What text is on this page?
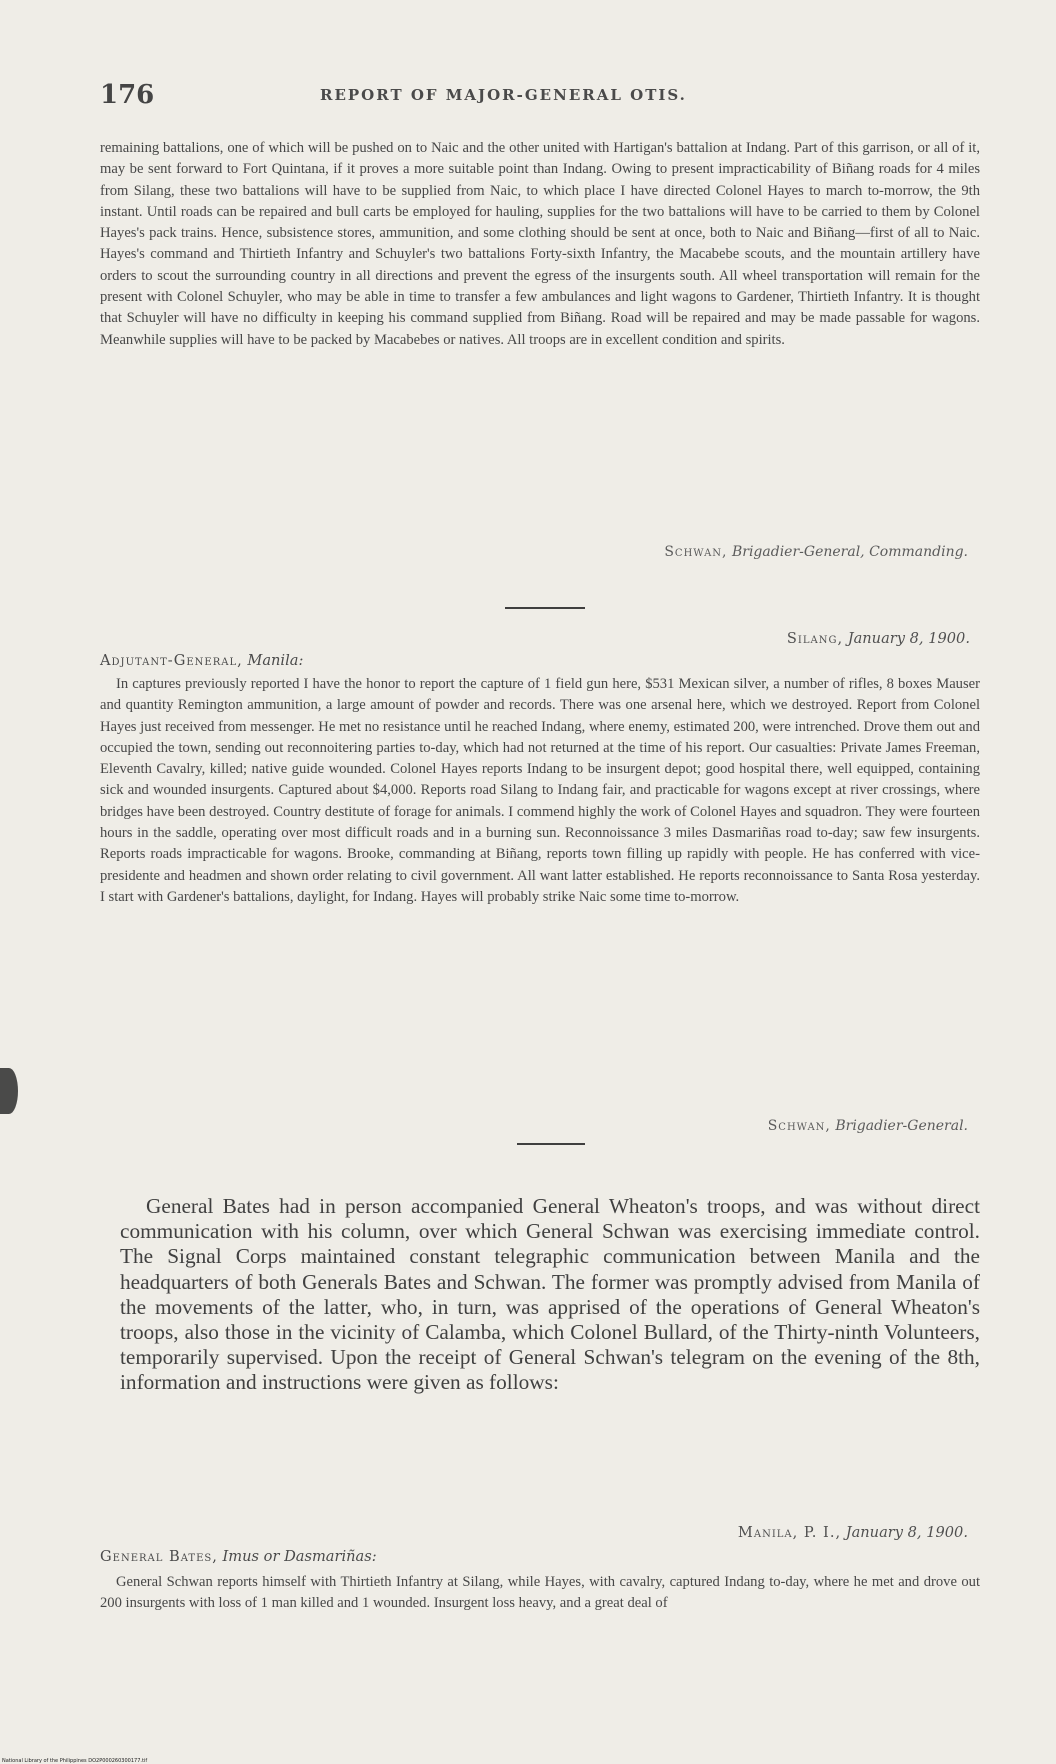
176	REPORT OF MAJOR-GENERAL OTIS.

remaining battalions, one of which will be pushed on to Naic and the other united with Hartigan's battalion at Indang. Part of this garrison, or all of it, may be sent forward to Fort Quintana, if it proves a more suitable point than Indang. Owing to present impracticability of Biñang roads for 4 miles from Silang, these two battalions will have to be supplied from Naic, to which place I have directed Colonel Hayes to march to-morrow, the 9th instant. Until roads can be repaired and bull carts be employed for hauling, supplies for the two battalions will have to be carried to them by Colonel Hayes's pack trains. Hence, subsistence stores, ammunition, and some clothing should be sent at once, both to Naic and Biñang—first of all to Naic. Hayes's command and Thirtieth Infantry and Schuyler's two battalions Forty-sixth Infantry, the Macabebe scouts, and the mountain artillery have orders to scout the surrounding country in all directions and prevent the egress of the insurgents south. All wheel transportation will remain for the present with Colonel Schuyler, who may be able in time to transfer a few ambulances and light wagons to Gardener, Thirtieth Infantry. It is thought that Schuyler will have no difficulty in keeping his command supplied from Biñang. Road will be repaired and may be made passable for wagons. Meanwhile supplies will have to be packed by Macabebes or natives. All troops are in excellent condition and spirits.

Schwan, Brigadier-General, Commanding.
Silang, January 8, 1900.
Adjutant-General, Manila:

In captures previously reported I have the honor to report the capture of 1 field gun here, $531 Mexican silver, a number of rifles, 8 boxes Mauser and quantity Remington ammunition, a large amount of powder and records. There was one arsenal here, which we destroyed. Report from Colonel Hayes just received from messenger. He met no resistance until he reached Indang, where enemy, estimated 200, were intrenched. Drove them out and occupied the town, sending out reconnoitering parties to-day, which had not returned at the time of his report. Our casualties: Private James Freeman, Eleventh Cavalry, killed; native guide wounded. Colonel Hayes reports Indang to be insurgent depot; good hospital there, well equipped, containing sick and wounded insurgents. Captured about $4,000. Reports road Silang to Indang fair, and practicable for wagons except at river crossings, where bridges have been destroyed. Country destitute of forage for animals. I commend highly the work of Colonel Hayes and squadron. They were fourteen hours in the saddle, operating over most difficult roads and in a burning sun. Reconnoissance 3 miles Dasmariñas road to-day; saw few insurgents. Reports roads impracticable for wagons. Brooke, commanding at Biñang, reports town filling up rapidly with people. He has conferred with vice-presidente and headmen and shown order relating to civil government. All want latter established. He reports reconnoissance to Santa Rosa yesterday. I start with Gardener's battalions, daylight, for Indang. Hayes will probably strike Naic some time to-morrow.

Schwan, Brigadier-General.

General Bates had in person accompanied General Wheaton's troops, and was without direct communication with his column, over which General Schwan was exercising immediate control. The Signal Corps maintained constant telegraphic communication between Manila and the headquarters of both Generals Bates and Schwan. The former was promptly advised from Manila of the movements of the latter, who, in turn, was apprised of the operations of General Wheaton's troops, also those in the vicinity of Calamba, which Colonel Bullard, of the Thirty-ninth Volunteers, temporarily supervised. Upon the receipt of General Schwan's telegram on the evening of the 8th, information and instructions were given as follows:

Manila, P. I., January 8, 1900.
General Bates, Imus or Dasmariñas:

General Schwan reports himself with Thirtieth Infantry at Silang, while Hayes, with cavalry, captured Indang to-day, where he met and drove out 200 insurgents with loss of 1 man killed and 1 wounded. Insurgent loss heavy, and a great deal of

National Library of the Philippines DO2P000260300177.tif
